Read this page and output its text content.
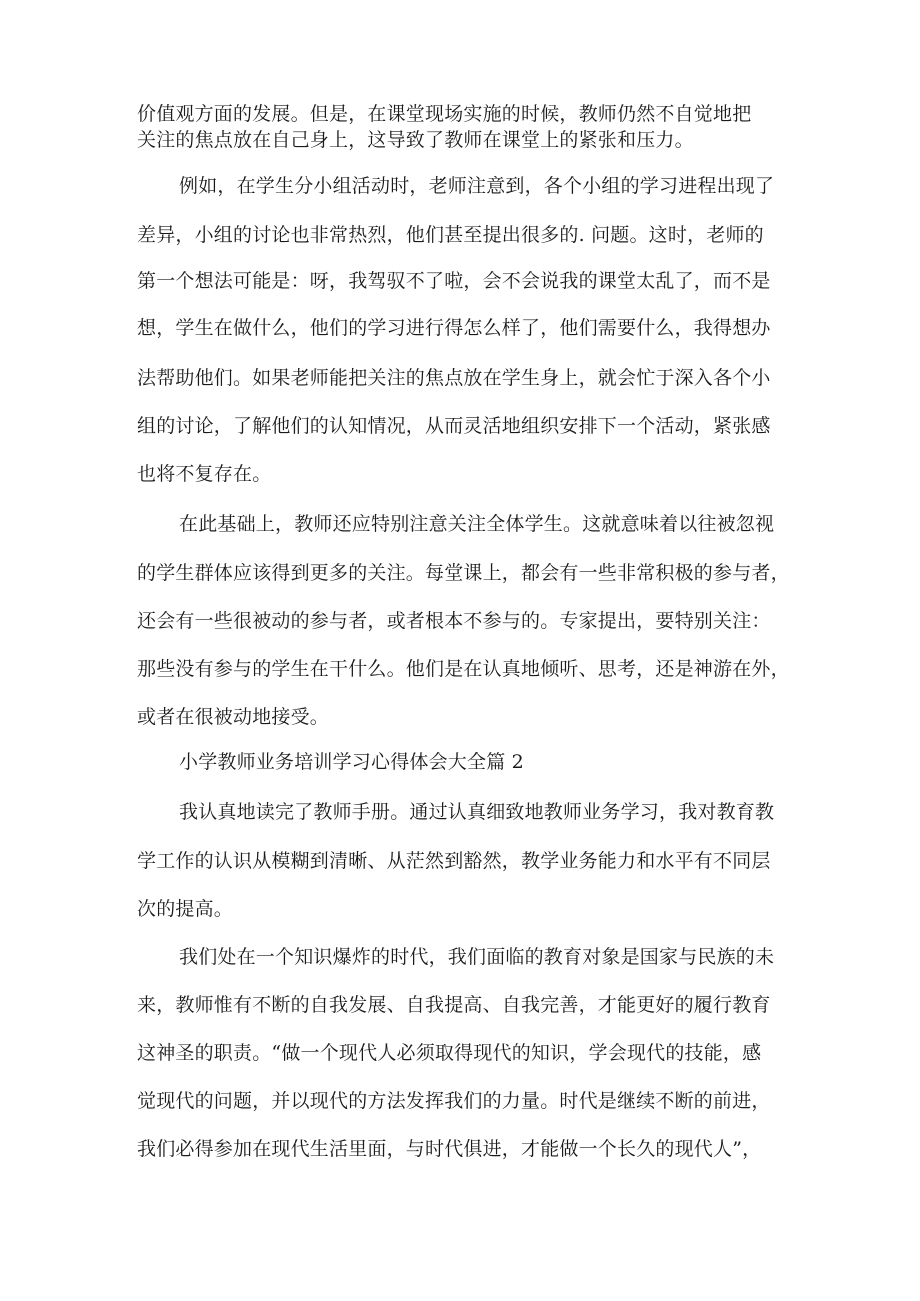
价值观方面的发展。但是，在课堂现场实施的时候，教师仍然不自觉地把
关注的焦点放在自己身上，这导致了教师在课堂上的紧张和压力。
例如，在学生分小组活动时，老师注意到，各个小组的学习进程出现了
差异，小组的讨论也非常热烈，他们甚至提出很多的. 问题。这时，老师的
第一个想法可能是：呀，我驾驭不了啦，会不会说我的课堂太乱了，而不是
想，学生在做什么，他们的学习进行得怎么样了，他们需要什么，我得想办
法帮助他们。如果老师能把关注的焦点放在学生身上，就会忙于深入各个小
组的讨论，了解他们的认知情况，从而灵活地组织安排下一个活动，紧张感
也将不复存在。
在此基础上，教师还应特别注意关注全体学生。这就意味着以往被忽视
的学生群体应该得到更多的关注。每堂课上，都会有一些非常积极的参与者，
还会有一些很被动的参与者，或者根本不参与的。专家提出，要特别关注：
那些没有参与的学生在干什么。他们是在认真地倾听、思考，还是神游在外，
或者在很被动地接受。
小学教师业务培训学习心得体会大全篇 2
我认真地读完了教师手册。通过认真细致地教师业务学习，我对教育教
学工作的认识从模糊到清晰、从茫然到豁然，教学业务能力和水平有不同层
次的提高。
我们处在一个知识爆炸的时代，我们面临的教育对象是国家与民族的未
来，教师惟有不断的自我发展、自我提高、自我完善，才能更好的履行教育
这神圣的职责。“做一个现代人必须取得现代的知识，学会现代的技能，感
觉现代的问题，并以现代的方法发挥我们的力量。时代是继续不断的前进，
我们必得参加在现代生活里面，与时代俱进，才能做一个长久的现代人”，
